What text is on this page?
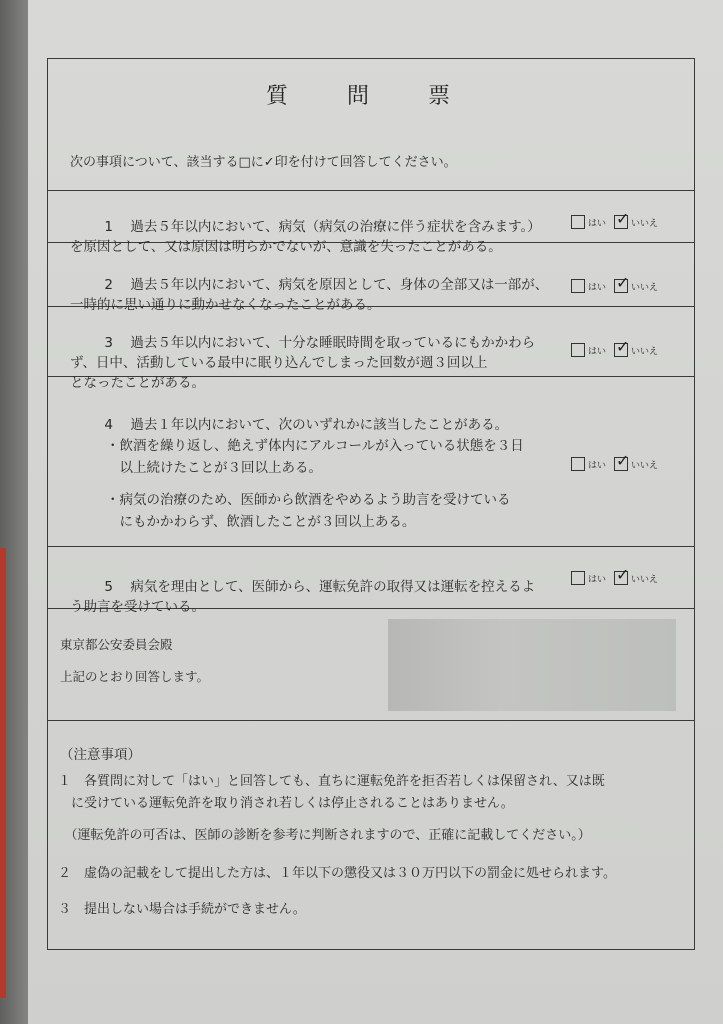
質 問 票
次の事項について、該当する□に✓印を付けて回答してください。

1 過去５年以内において、病気（病気の治療に伴う症状を含みます。）
を原因として、又は原因は明らかでないが、意識を失ったことがある。

はい ✓	いいえ

2 過去５年以内において、病気を原因として、身体の全部又は一部が、
一時的に思い通りに動かせなくなったことがある。

はい ✓	いいえ

3 過去５年以内において、十分な睡眠時間を取っているにもかかわら
ず、日中、活動している最中に眠り込んでしまった回数が週３回以上
となったことがある。

はい ✓	いいえ

4 過去１年以内において、次のいずれかに該当したことがある。

・飲酒を繰り返し、絶えず体内にアルコールが入っている状態を３日
　以上続けたことが３回以上ある。
・病気の治療のため、医師から飲酒をやめるよう助言を受けている
　にもかかわらず、飲酒したことが３回以上ある。
はい ✓	いいえ

5 病気を理由として、医師から、運転免許の取得又は運転を控えるよ
う助言を受けている。

はい ✓	いいえ
東京都公安委員会殿
上記のとおり回答します。
（注意事項）
１　各質問に対して「はい」と回答しても、直ちに運転免許を拒否若しくは保留され、又は既
　に受けている運転免許を取り消され若しくは停止されることはありません。
　（運転免許の可否は、医師の診断を参考に判断されますので、正確に記載してください。）
２　虚偽の記載をして提出した方は、１年以下の懲役又は３０万円以下の罰金に処せられます。
３　提出しない場合は手続ができません。
